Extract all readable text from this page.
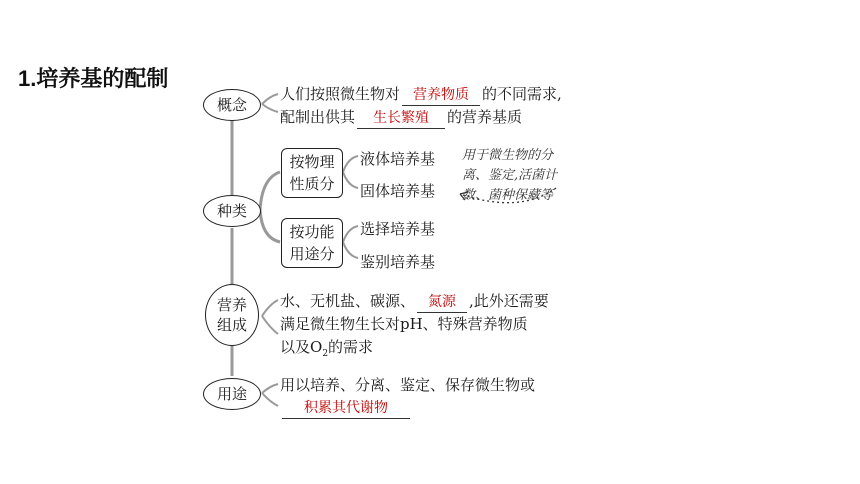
1.培养基的配制
概念
人们按照微生物对 营养物质 的不同需求,
配制出供其 生长繁殖 的营养基质
种类
按物理
性质分
液体培养基
固体培养基
按功能
用途分
选择培养基
鉴别培养基
用于微生物的分
离、鉴定,活菌计
数、菌种保藏等
营养
组成
水、无机盐、碳源、 氮源 ,此外还需要
满足微生物生长对pH、特殊营养物质
以及$O_2$的需求
用途 用以培养、分离、鉴定、保存微生物或
积累其代谢物
